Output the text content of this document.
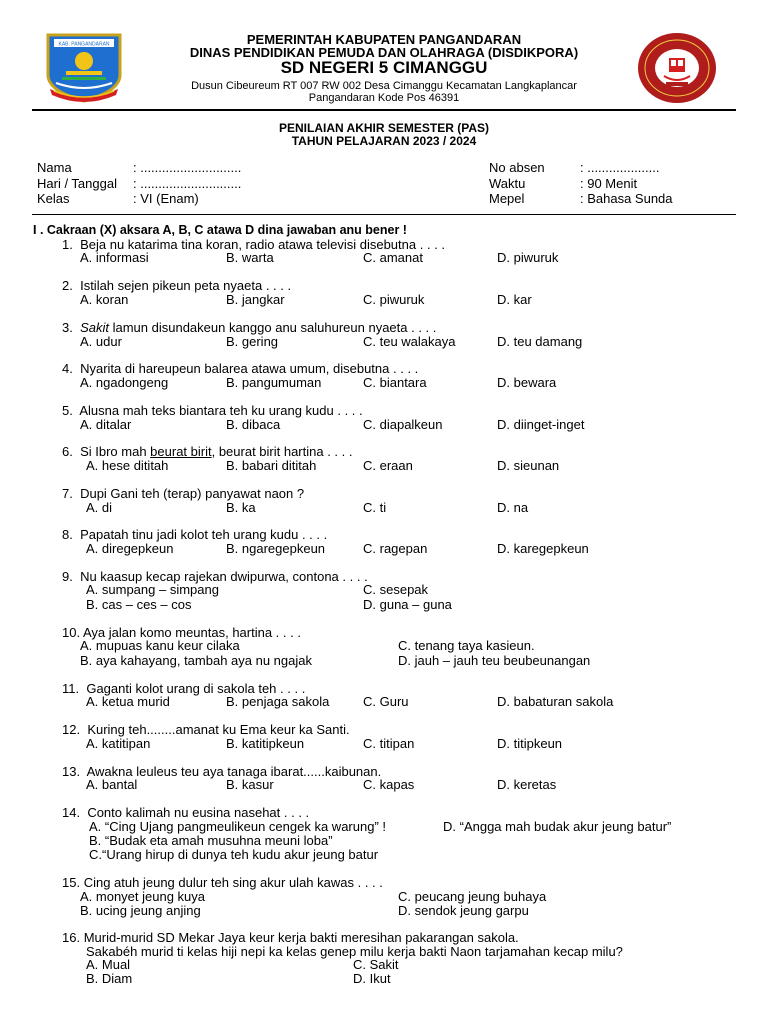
KAB. PANGANDARAN	PEMERINTAH KABUPATEN PANGANDARAN
DINAS PENDIDIKAN PEMUDA DAN OLAHRAGA (DISDIKPORA)
SD NEGERI 5 CIMANGGU
Dusun Cibeureum RT 007 RW 002 Desa Cimanggu Kecamatan Langkaplancar
Pangandaran Kode Pos 46391
PENILAIAN AKHIR SEMESTER (PAS)
TAHUN PELAJARAN 2023 / 2024
Nama	: ............................
Hari / Tanggal : ............................
Kelas	: VI (Enam)
No absen	: ....................
Waktu	: 90 Menit
Mepel	: Bahasa Sunda
I . Cakraan (X) aksara A, B, C atawa D dina jawaban anu bener !
1. Beja nu katarima tina koran, radio atawa televisi disebutna . . . .
A. informasi	B. warta	C. amanat	D. piwuruk
2. Istilah sejen pikeun peta nyaeta . . . .
A. koran	B. jangkar	C. piwuruk	D. kar
3. Sakit lamun disundakeun kanggo anu saluhureun nyaeta . . . .
A. udur	B. gering	C. teu walakaya	D. teu damang
4. Nyarita di hareupeun balarea atawa umum, disebutna . . . .
A. ngadongeng	B. pangumuman	C. biantara	D. bewara
5. Alusna mah teks biantara teh ku urang kudu . . . .
A. ditalar	B. dibaca	C. diapalkeun	D. diinget-inget
6. Si Ibro mah beurat birit, beurat birit hartina . . . .
A. hese dititah	B. babari dititah	C. eraan	D. sieunan
7. Dupi Gani teh (terap) panyawat naon ?
A. di	B. ka	C. ti	D. na
8. Papatah tinu jadi kolot teh urang kudu . . . .
A. diregepkeun	B. ngaregepkeun	C. ragepan	D. karegepkeun
9. Nu kaasup kecap rajekan dwipurwa, contona . . . .
A. sumpang – simpang
B. cas – ces – cos
C. sesepak
D. guna – guna
10. Aya jalan komo meuntas, hartina . . . .
A. mupuas kanu keur cilaka
B. aya kahayang, tambah aya nu ngajak
C. tenang taya kasieun.
D. jauh – jauh teu beubeunangan
11. Gaganti kolot urang di sakola teh . . . .
A. ketua murid	B. penjaga sakola	C. Guru	D. babaturan sakola
12. Kuring teh........amanat ku Ema keur ka Santi.
A. katitipan	B. katitipkeun	C. titipan	D. titipkeun
13. Awakna leuleus teu aya tanaga ibarat......kaibunan.
A. bantal	B. kasur	C. kapas	D. keretas
14. Conto kalimah nu eusina nasehat . . . .
A. “Cing Ujang pangmeulikeun cengek ka warung” !
B. “Budak eta amah musuhna meuni loba”
C.“Urang hirup di dunya teh kudu akur jeung batur
D. “Angga mah budak akur jeung batur”
15. Cing atuh jeung dulur teh sing akur ulah kawas . . . .
A. monyet jeung kuya
B. ucing jeung anjing
C. peucang jeung buhaya
D. sendok jeung garpu
16. Murid-murid SD Mekar Jaya keur kerja bakti meresihan pakarangan sakola.
Sakabéh murid ti kelas hiji nepi ka kelas genep milu kerja bakti Naon tarjamahan kecap milu?
A. Mual
B. Diam
C. Sakit
D. Ikut
